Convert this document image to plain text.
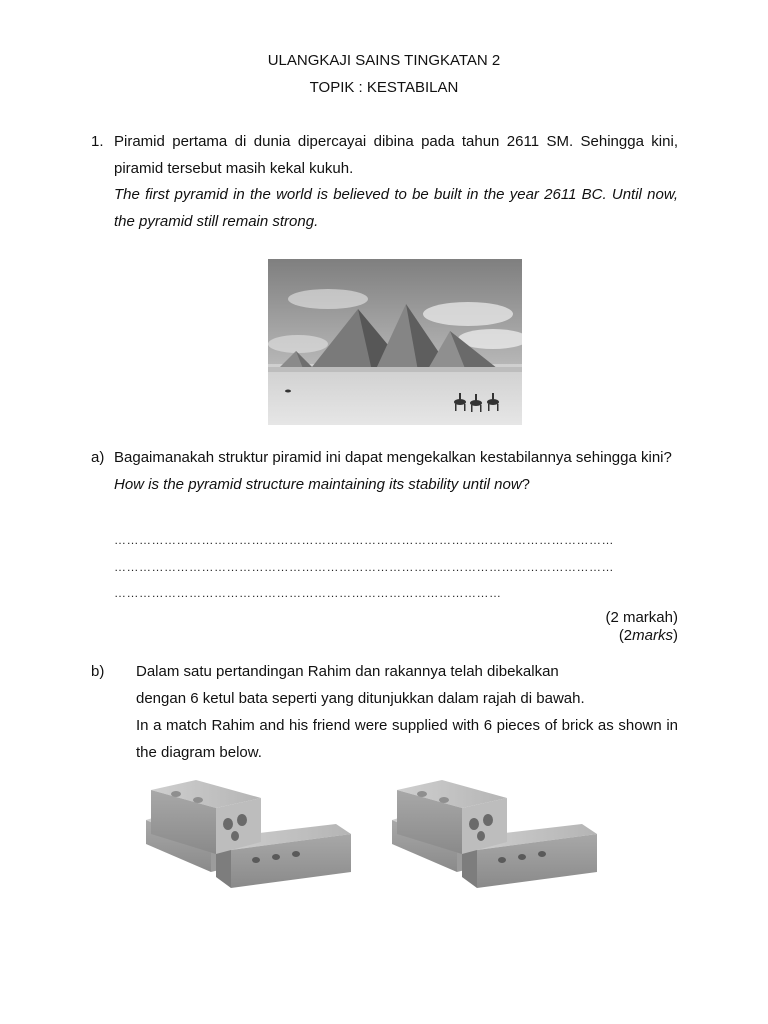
ULANGKAJI SAINS TINGKATAN 2
TOPIK : KESTABILAN
1. Piramid pertama di dunia dipercayai dibina pada tahun 2611 SM. Sehingga kini,
piramid tersebut masih kekal kukuh.
The first pyramid in the world is believed to be built in the year 2611 BC. Until now,
the pyramid still remain strong.
a) Bagaimanakah struktur piramid ini dapat mengekalkan kestabilannya sehingga kini?
How is the pyramid structure maintaining its stability until now?
…………………………………………………………………………………………………………
…………………………………………………………………………………………………………
…………………………………………………………………………………
(2 markah)
(2marks)
b) Dalam satu pertandingan Rahim dan rakannya telah dibekalkan
dengan 6 ketul bata seperti yang ditunjukkan dalam rajah di bawah.
In a match Rahim and his friend were supplied with 6 pieces of brick as shown in
the diagram below.
